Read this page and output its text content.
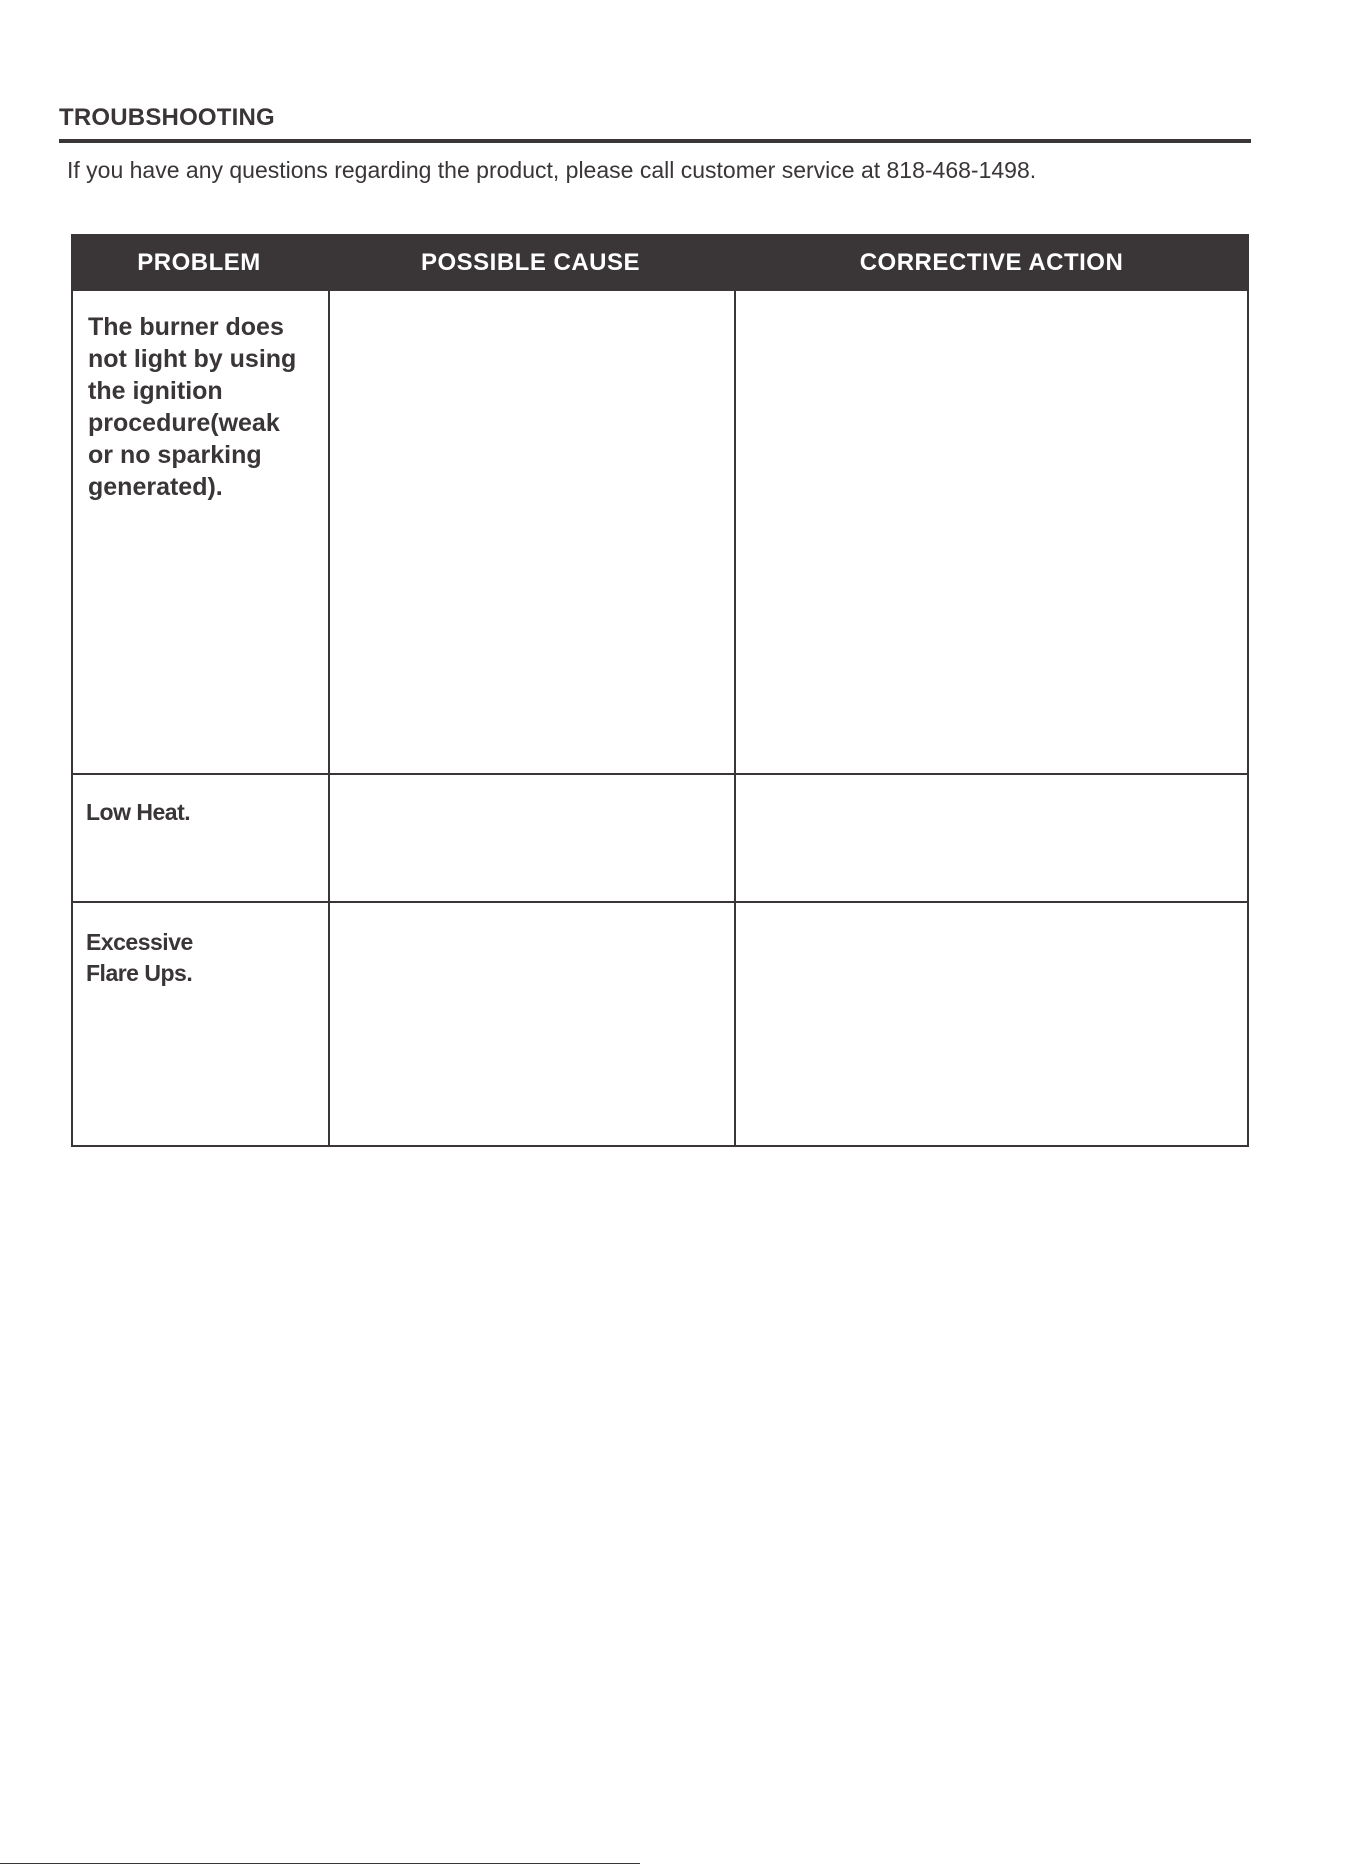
TROUBSHOOTING
If you have any questions regarding the product, please call customer service at 818-468-1498.
PROBLEM	POSSIBLE CAUSE	CORRECTIVE ACTION
The burner does
not light by using
the ignition
procedure(weak
or no sparking
generated).
Low Heat.
Excessive
Flare Ups.
